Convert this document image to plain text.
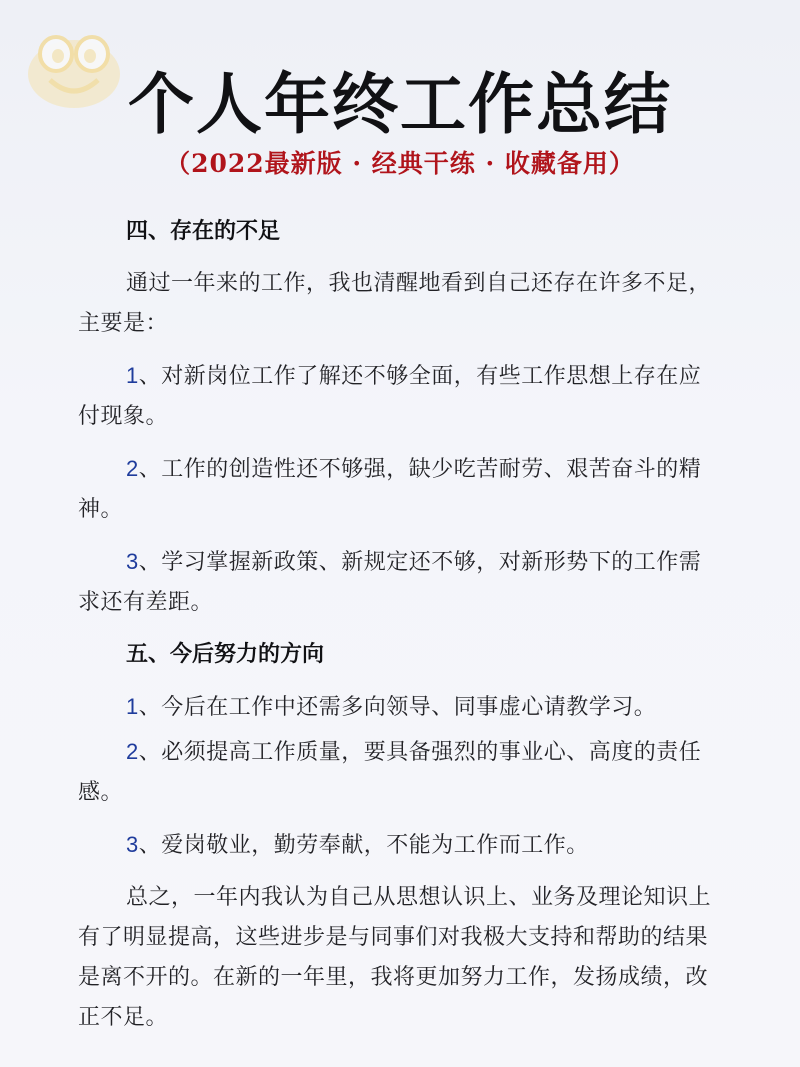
个人年终工作总结
（2022最新版 · 经典干练 · 收藏备用）
四、存在的不足
通过一年来的工作，我也清醒地看到自己还存在许多不足，主要是：
1、对新岗位工作了解还不够全面，有些工作思想上存在应付现象。
2、工作的创造性还不够强，缺少吃苦耐劳、艰苦奋斗的精神。
3、学习掌握新政策、新规定还不够，对新形势下的工作需求还有差距。
五、今后努力的方向
1、今后在工作中还需多向领导、同事虚心请教学习。
2、必须提高工作质量，要具备强烈的事业心、高度的责任感。
3、爱岗敬业，勤劳奉献，不能为工作而工作。
总之，一年内我认为自己从思想认识上、业务及理论知识上有了明显提高，这些进步是与同事们对我极大支持和帮助的结果是离不开的。在新的一年里，我将更加努力工作，发扬成绩，改正不足。
